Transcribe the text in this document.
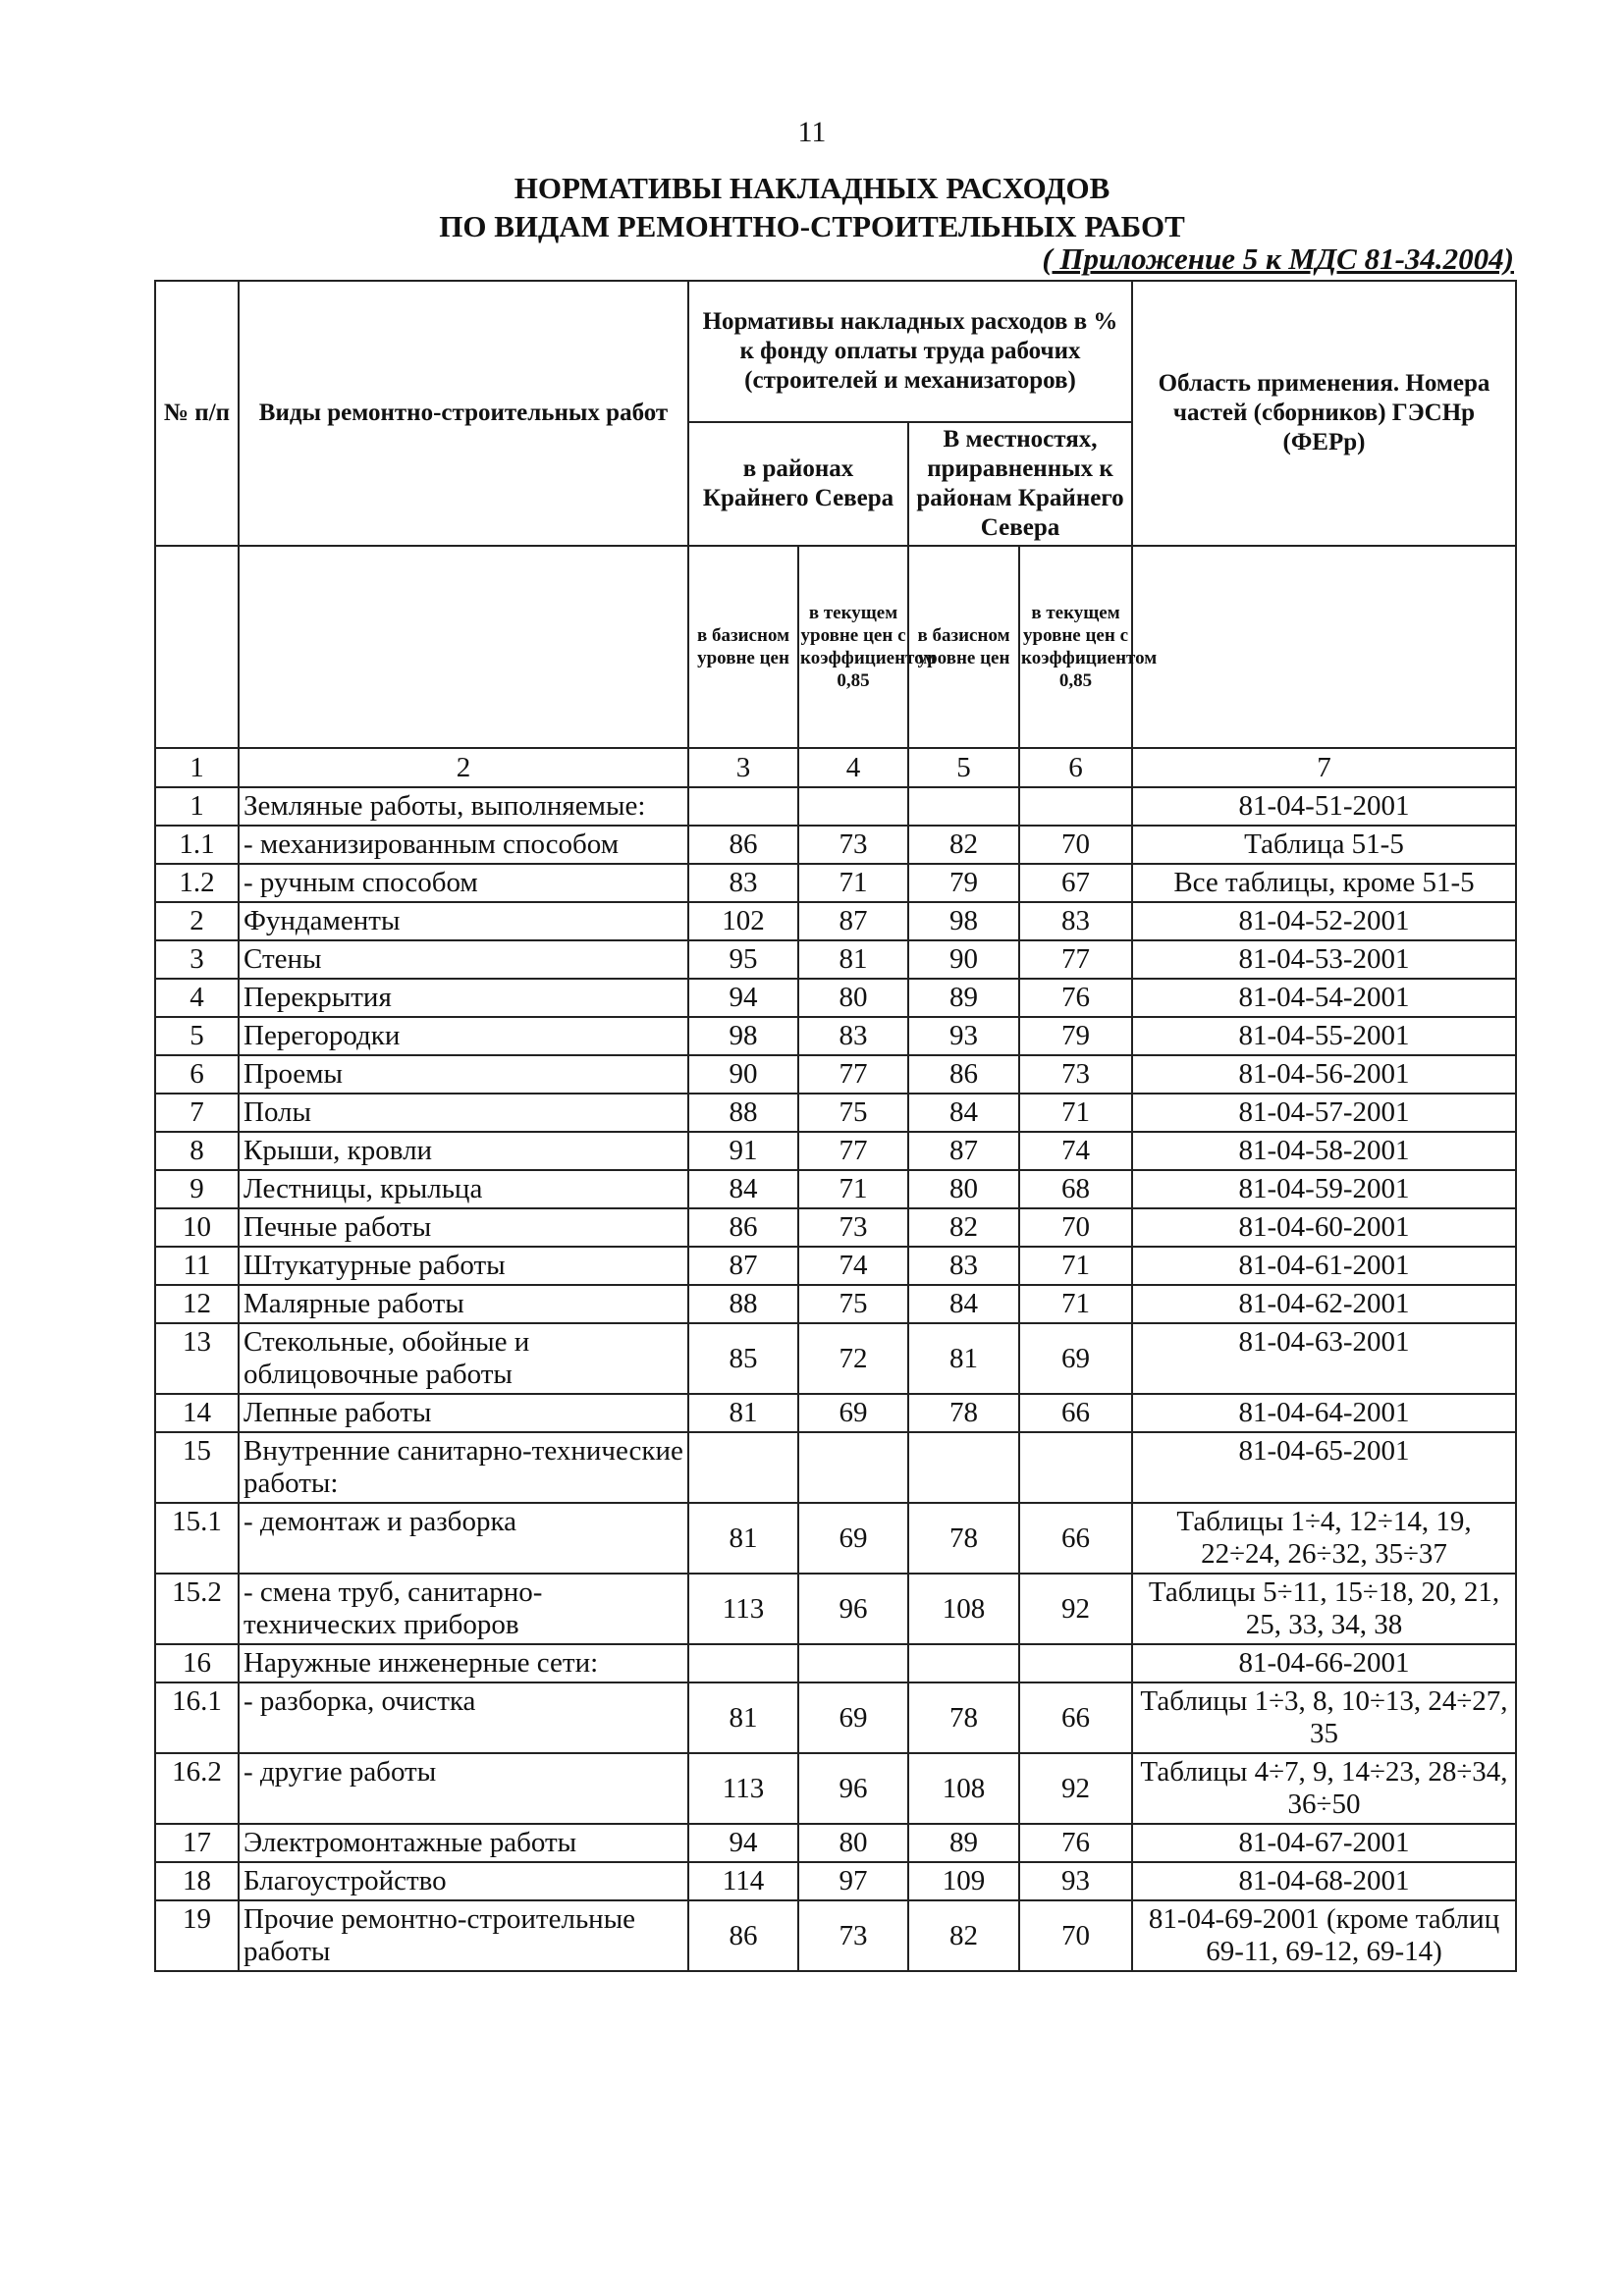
11
НОРМАТИВЫ НАКЛАДНЫХ РАСХОДОВ
ПО ВИДАМ РЕМОНТНО-СТРОИТЕЛЬНЫХ РАБОТ
( Приложение 5 к МДС 81-34.2004)
№ п/п	Виды ремонтно-строительных работ	Нормативы накладных расходов в % к фонду оплаты труда рабочих (строителей и механизаторов)				Область применения. Номера частей (сборников) ГЭСНр (ФЕРр)
		в районах Крайнего Севера		В местностях, приравненных к районам Крайнего Севера		
		в базисном уровне цен	в текущем уровне цен с коэффициентом 0,85	в базисном уровне цен	в текущем уровне цен с коэффициентом 0,85	
1	2	3	4	5	6	7
1	Земляные работы, выполняемые:					81-04-51-2001
1.1	- механизированным способом	86	73	82	70	Таблица 51-5
1.2	- ручным способом	83	71	79	67	Все таблицы, кроме 51-5
2	Фундаменты	102	87	98	83	81-04-52-2001
3	Стены	95	81	90	77	81-04-53-2001
4	Перекрытия	94	80	89	76	81-04-54-2001
5	Перегородки	98	83	93	79	81-04-55-2001
6	Проемы	90	77	86	73	81-04-56-2001
7	Полы	88	75	84	71	81-04-57-2001
8	Крыши, кровли	91	77	87	74	81-04-58-2001
9	Лестницы, крыльца	84	71	80	68	81-04-59-2001
10	Печные работы	86	73	82	70	81-04-60-2001
11	Штукатурные работы	87	74	83	71	81-04-61-2001
12	Малярные работы	88	75	84	71	81-04-62-2001
13	Стекольные, обойные и облицовочные работы	85	72	81	69	81-04-63-2001
14	Лепные работы	81	69	78	66	81-04-64-2001
15	Внутренние санитарно-технические работы:					81-04-65-2001
15.1	- демонтаж и разборка	81	69	78	66	Таблицы 1÷4, 12÷14, 19, 22÷24, 26÷32, 35÷37
15.2	- смена труб, санитарно-технических приборов	113	96	108	92	Таблицы 5÷11, 15÷18, 20, 21, 25, 33, 34, 38
16	Наружные инженерные сети:					81-04-66-2001
16.1	- разборка, очистка	81	69	78	66	Таблицы 1÷3, 8, 10÷13, 24÷27, 35
16.2	- другие работы	113	96	108	92	Таблицы 4÷7, 9, 14÷23, 28÷34, 36÷50
17	Электромонтажные работы	94	80	89	76	81-04-67-2001
18	Благоустройство	114	97	109	93	81-04-68-2001
19	Прочие ремонтно-строительные работы	86	73	82	70	81-04-69-2001 (кроме таблиц 69-11, 69-12, 69-14)
